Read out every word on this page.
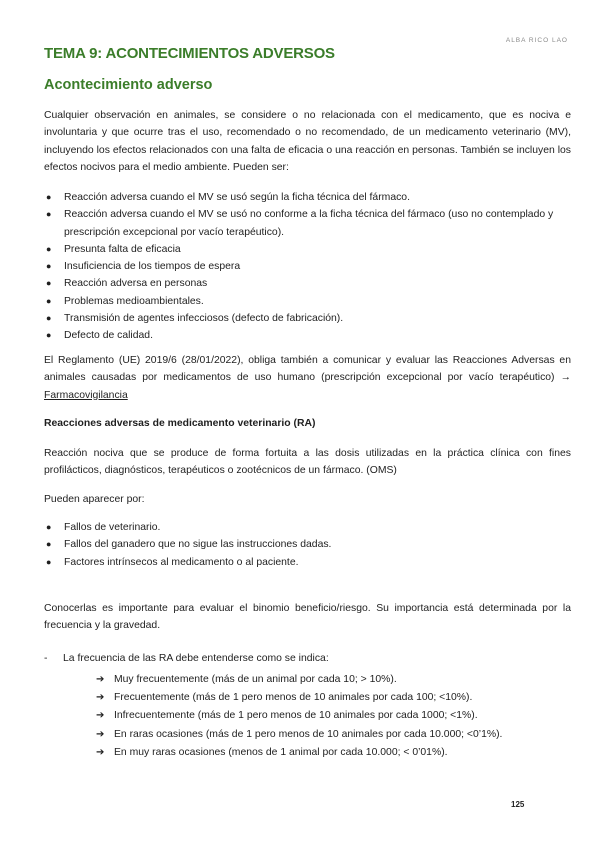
ALBA RICO LAO
TEMA 9: ACONTECIMIENTOS ADVERSOS
Acontecimiento adverso

Cualquier observación en animales, se considere o no relacionada con el medicamento, que es nociva e involuntaria y que ocurre tras el uso, recomendado o no recomendado, de un medicamento veterinario (MV), incluyendo los efectos relacionados con una falta de eficacia o una reacción en personas. También se incluyen los efectos nocivos para el medio ambiente. Pueden ser:

● Reacción adversa cuando el MV se usó según la ficha técnica del fármaco.
● Reacción adversa cuando el MV se usó no conforme a la ficha técnica del fármaco (uso no contemplado y prescripción excepcional por vacío terapéutico).
● Presunta falta de eficacia
● Insuficiencia de los tiempos de espera
● Reacción adversa en personas
● Problemas medioambientales.
● Transmisión de agentes infecciosos (defecto de fabricación).
● Defecto de calidad.

El Reglamento (UE) 2019/6 (28/01/2022), obliga también a comunicar y evaluar las Reacciones Adversas en animales causadas por medicamentos de uso humano (prescripción excepcional por vacío terapéutico) → Farmacovigilancia

Reacciones adversas de medicamento veterinario (RA)

Reacción nociva que se produce de forma fortuita a las dosis utilizadas en la práctica clínica con fines profilácticos, diagnósticos, terapéuticos o zootécnicos de un fármaco. (OMS)

Pueden aparecer por:

● Fallos de veterinario.
● Fallos del ganadero que no sigue las instrucciones dadas.
● Factores intrínsecos al medicamento o al paciente.

Conocerlas es importante para evaluar el binomio beneficio/riesgo. Su importancia está determinada por la frecuencia y la gravedad.

- La frecuencia de las RA debe entenderse como se indica:
➔ Muy frecuentemente (más de un animal por cada 10; > 10%).
➔ Frecuentemente (más de 1 pero menos de 10 animales por cada 100; <10%).
➔ Infrecuentemente (más de 1 pero menos de 10 animales por cada 1000; <1%).
➔ En raras ocasiones (más de 1 pero menos de 10 animales por cada 10.000; <0’1%).
➔ En muy raras ocasiones (menos de 1 animal por cada 10.000; < 0’01%).
125
